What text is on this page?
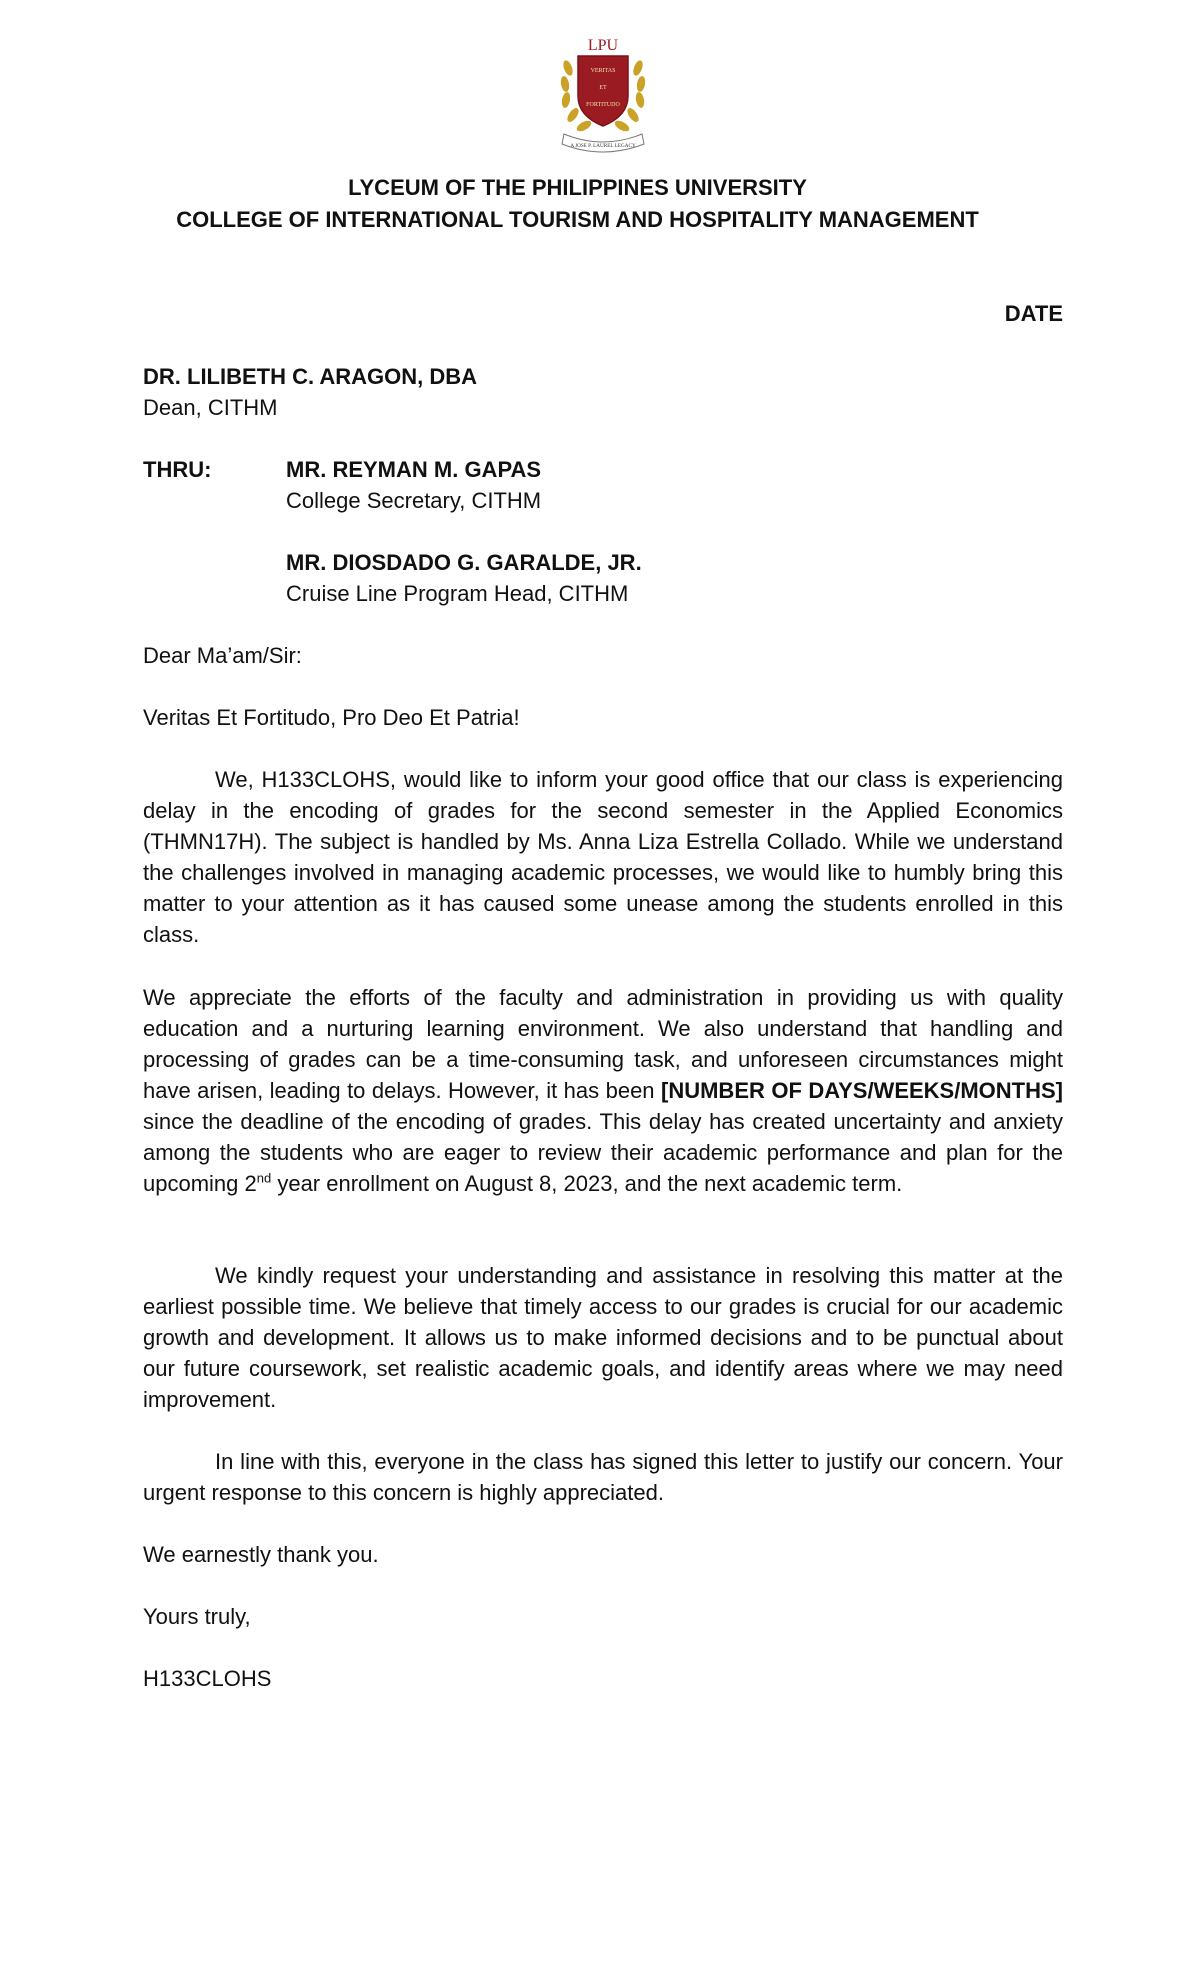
LPU
VERITAS
ET
FORTITUDO
A JOSE P. LAUREL LEGACY
LYCEUM OF THE PHILIPPINES UNIVERSITY
COLLEGE OF INTERNATIONAL TOURISM AND HOSPITALITY MANAGEMENT
DATE
DR. LILIBETH C. ARAGON, DBA
Dean, CITHM
THRU:	MR. REYMAN M. GAPAS
College Secretary, CITHM
MR. DIOSDADO G. GARALDE, JR.
Cruise Line Program Head, CITHM
Dear Ma’am/Sir:
Veritas Et Fortitudo, Pro Deo Et Patria!
We, H133CLOHS, would like to inform your good office that our class is experiencing delay in the encoding of grades for the second semester in the Applied Economics (THMN17H). The subject is handled by Ms. Anna Liza Estrella Collado. While we understand the challenges involved in managing academic processes, we would like to humbly bring this matter to your attention as it has caused some unease among the students enrolled in this class.
We appreciate the efforts of the faculty and administration in providing us with quality education and a nurturing learning environment. We also understand that handling and processing of grades can be a time-consuming task, and unforeseen circumstances might have arisen, leading to delays. However, it has been [NUMBER OF DAYS/WEEKS/MONTHS] since the deadline of the encoding of grades. This delay has created uncertainty and anxiety among the students who are eager to review their academic performance and plan for the upcoming 2nd year enrollment on August 8, 2023, and the next academic term.
We kindly request your understanding and assistance in resolving this matter at the earliest possible time. We believe that timely access to our grades is crucial for our academic growth and development. It allows us to make informed decisions and to be punctual about our future coursework, set realistic academic goals, and identify areas where we may need improvement.
In line with this, everyone in the class has signed this letter to justify our concern. Your urgent response to this concern is highly appreciated.
We earnestly thank you.
Yours truly,
H133CLOHS
